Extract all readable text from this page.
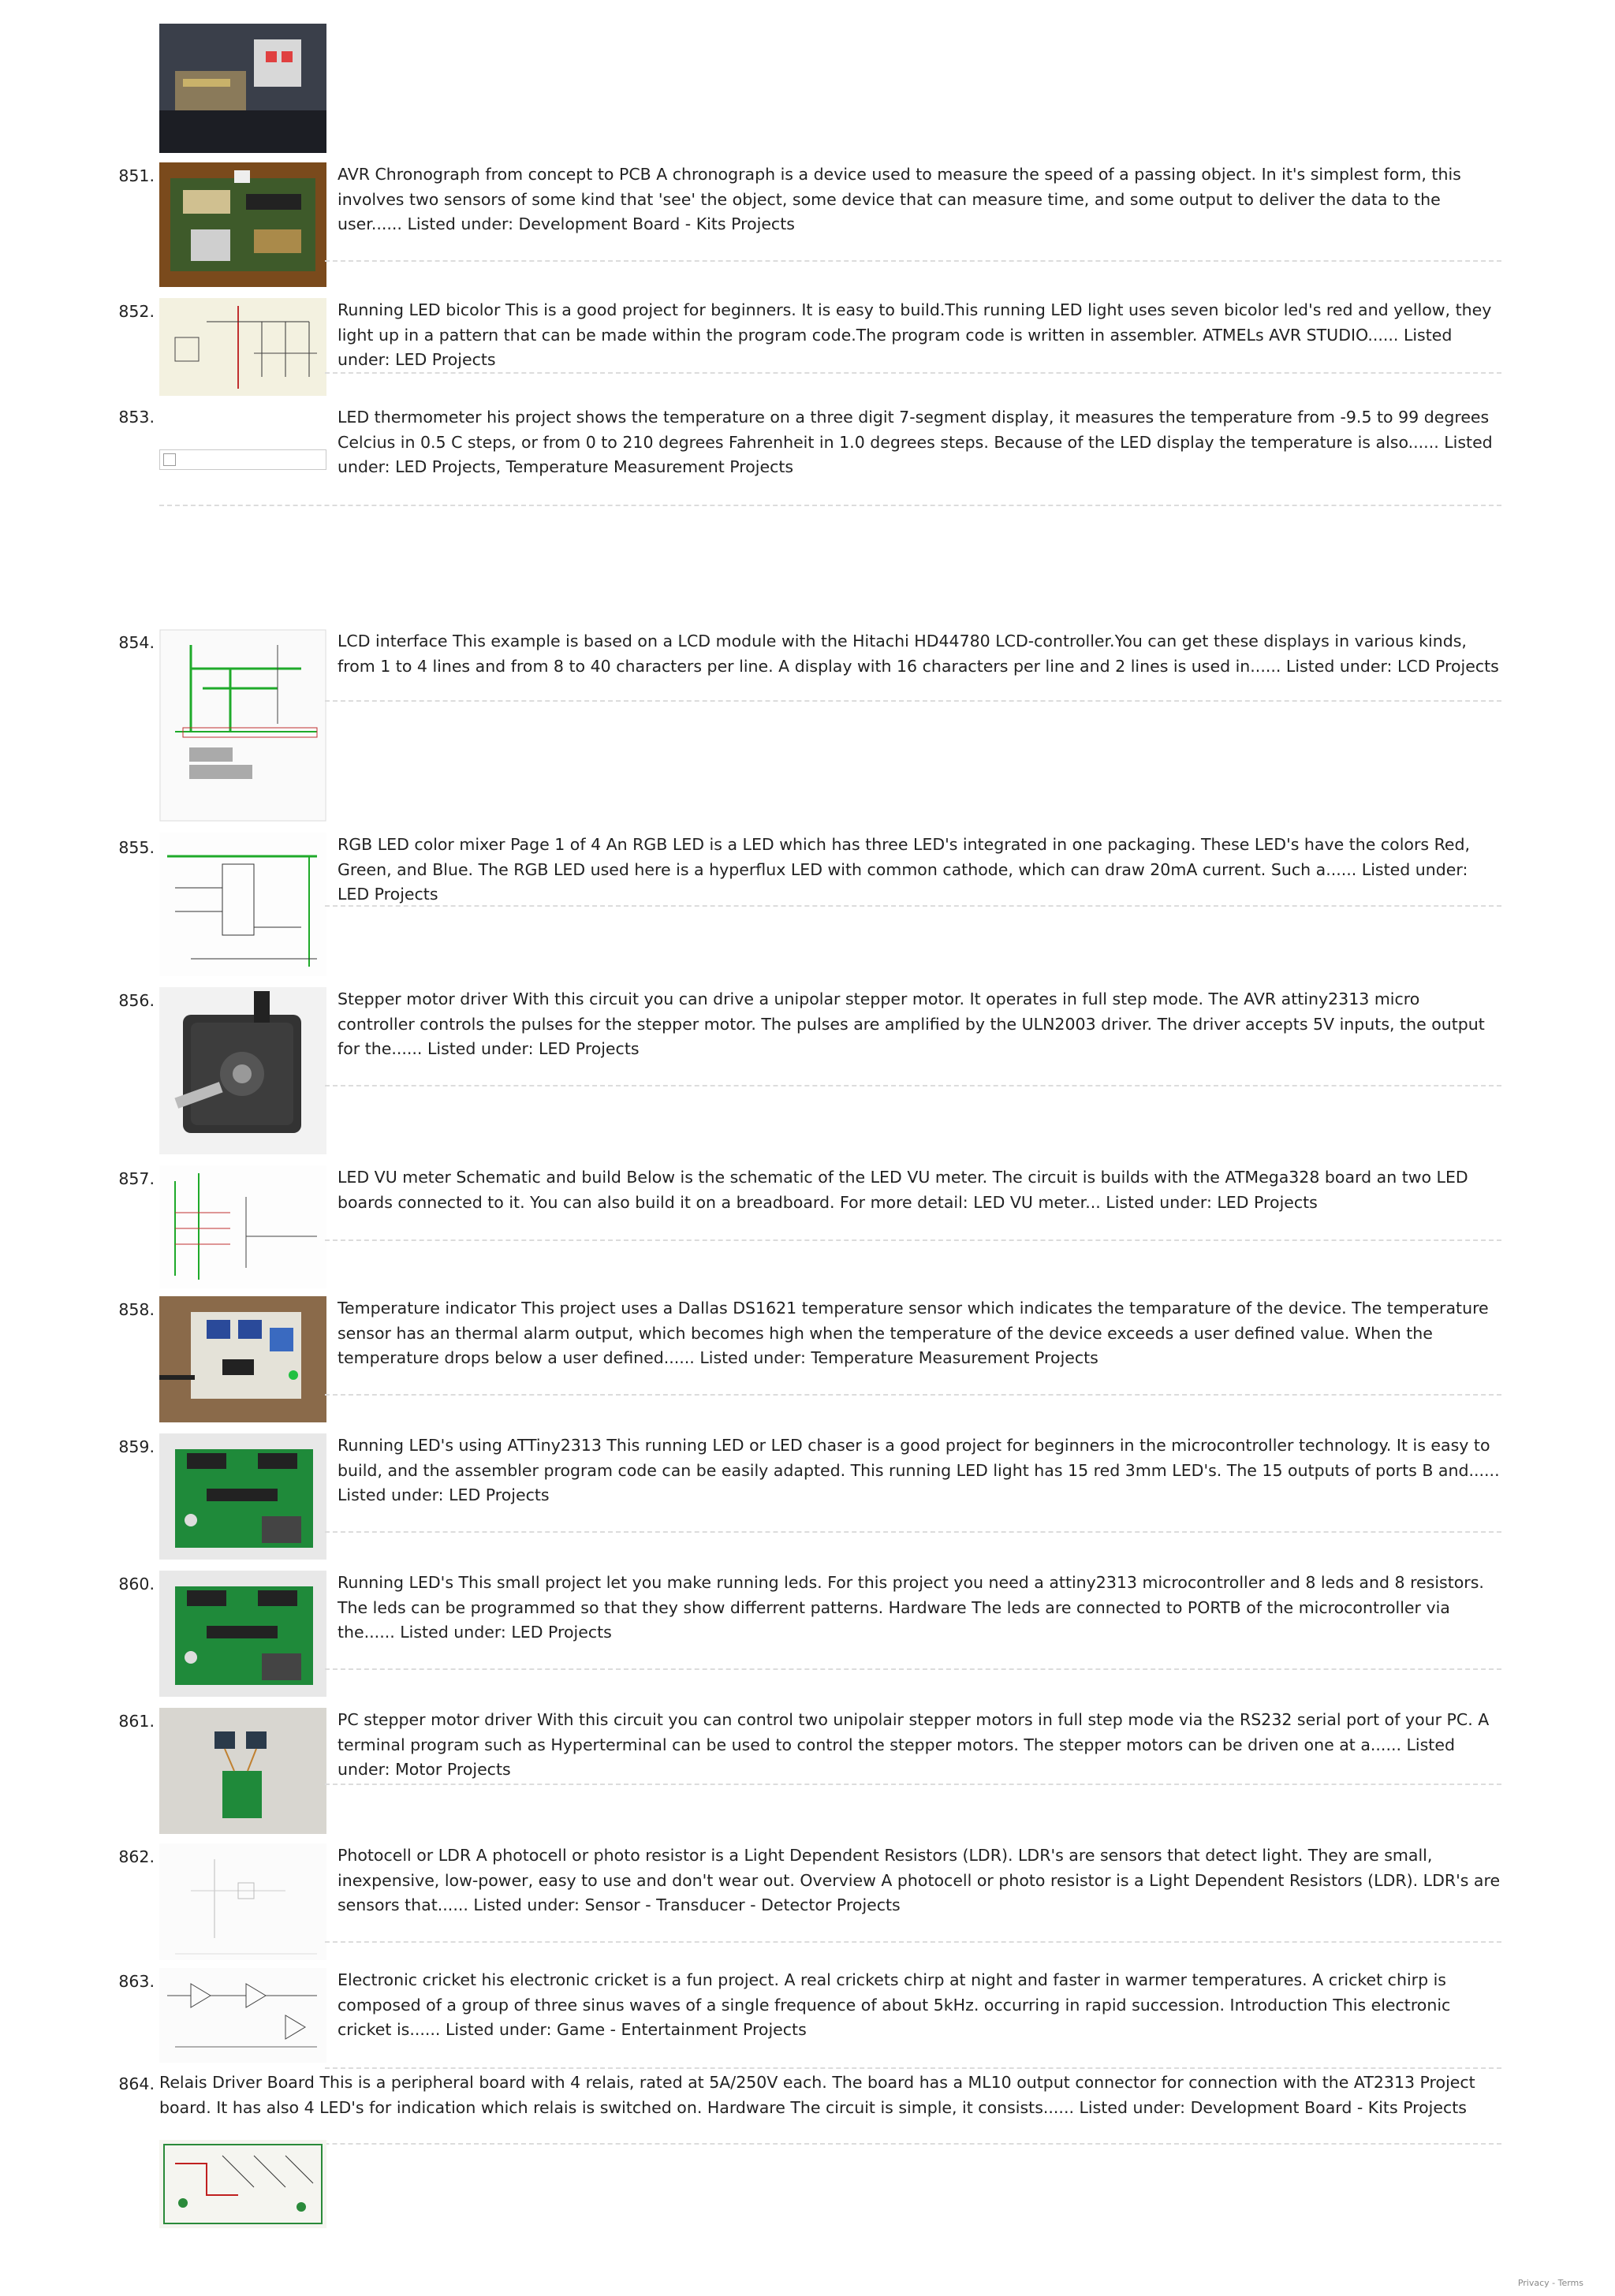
851.	AVR Chronograph from concept to PCB A chronograph is a device used to measure the speed of a passing object. In it's simplest form, this involves two sensors of some kind that 'see' the object, some device that can measure time, and some output to deliver the data to the user...... Listed under: Development Board - Kits Projects
852.	Running LED bicolor This is a good project for beginners. It is easy to build.This running LED light uses seven bicolor led's red and yellow, they light up in a pattern that can be made within the program code.The program code is written in assembler. ATMELs AVR STUDIO...... Listed under: LED Projects
853.	LED thermometer his project shows the temperature on a three digit 7-segment display, it measures the temperature from -9.5 to 99 degrees Celcius in 0.5 C steps, or from 0 to 210 degrees Fahrenheit in 1.0 degrees steps. Because of the LED display the temperature is also...... Listed under: LED Projects, Temperature Measurement Projects
854.	LCD interface This example is based on a LCD module with the Hitachi HD44780 LCD-controller.You can get these displays in various kinds, from 1 to 4 lines and from 8 to 40 characters per line. A display with 16 characters per line and 2 lines is used in...... Listed under: LCD Projects
855.	RGB LED color mixer Page 1 of 4 An RGB LED is a LED which has three LED's integrated in one packaging. These LED's have the colors Red, Green, and Blue. The RGB LED used here is a hyperflux LED with common cathode, which can draw 20mA current. Such a...... Listed under: LED Projects
856.	Stepper motor driver With this circuit you can drive a unipolar stepper motor. It operates in full step mode. The AVR attiny2313 micro controller controls the pulses for the stepper motor. The pulses are amplified by the ULN2003 driver. The driver accepts 5V inputs, the output for the...... Listed under: LED Projects
857.	LED VU meter Schematic and build Below is the schematic of the LED VU meter. The circuit is builds with the ATMega328 board an two LED boards connected to it. You can also build it on a breadboard. For more detail: LED VU meter... Listed under: LED Projects
858.	Temperature indicator This project uses a Dallas DS1621 temperature sensor which indicates the temparature of the device. The temperature sensor has an thermal alarm output, which becomes high when the temperature of the device exceeds a user defined value. When the temperature drops below a user defined...... Listed under: Temperature Measurement Projects
859.	Running LED's using ATTiny2313 This running LED or LED chaser is a good project for beginners in the microcontroller technology. It is easy to build, and the assembler program code can be easily adapted. This running LED light has 15 red 3mm LED's. The 15 outputs of ports B and...... Listed under: LED Projects
860.	Running LED's This small project let you make running leds. For this project you need a attiny2313 microcontroller and 8 leds and 8 resistors. The leds can be programmed so that they show differrent patterns. Hardware The leds are connected to PORTB of the microcontroller via the...... Listed under: LED Projects
861.	PC stepper motor driver With this circuit you can control two unipolair stepper motors in full step mode via the RS232 serial port of your PC. A terminal program such as Hyperterminal can be used to control the stepper motors. The stepper motors can be driven one at a...... Listed under: Motor Projects
862.	Photocell or LDR A photocell or photo resistor is a Light Dependent Resistors (LDR). LDR's are sensors that detect light. They are small, inexpensive, low-power, easy to use and don't wear out. Overview A photocell or photo resistor is a Light Dependent Resistors (LDR). LDR's are sensors that...... Listed under: Sensor - Transducer - Detector Projects
863.	Electronic cricket his electronic cricket is a fun project. A real crickets chirp at night and faster in warmer temperatures. A cricket chirp is composed of a group of three sinus waves of a single frequence of about 5kHz. occurring in rapid succession. Introduction This electronic cricket is...... Listed under: Game - Entertainment Projects
864. Relais Driver Board This is a peripheral board with 4 relais, rated at 5A/250V each. The board has a ML10 output connector for connection with the AT2313 Project board. It has also 4 LED's for indication which relais is switched on. Hardware The circuit is simple, it consists...... Listed under: Development Board - Kits Projects
Privacy - Terms
